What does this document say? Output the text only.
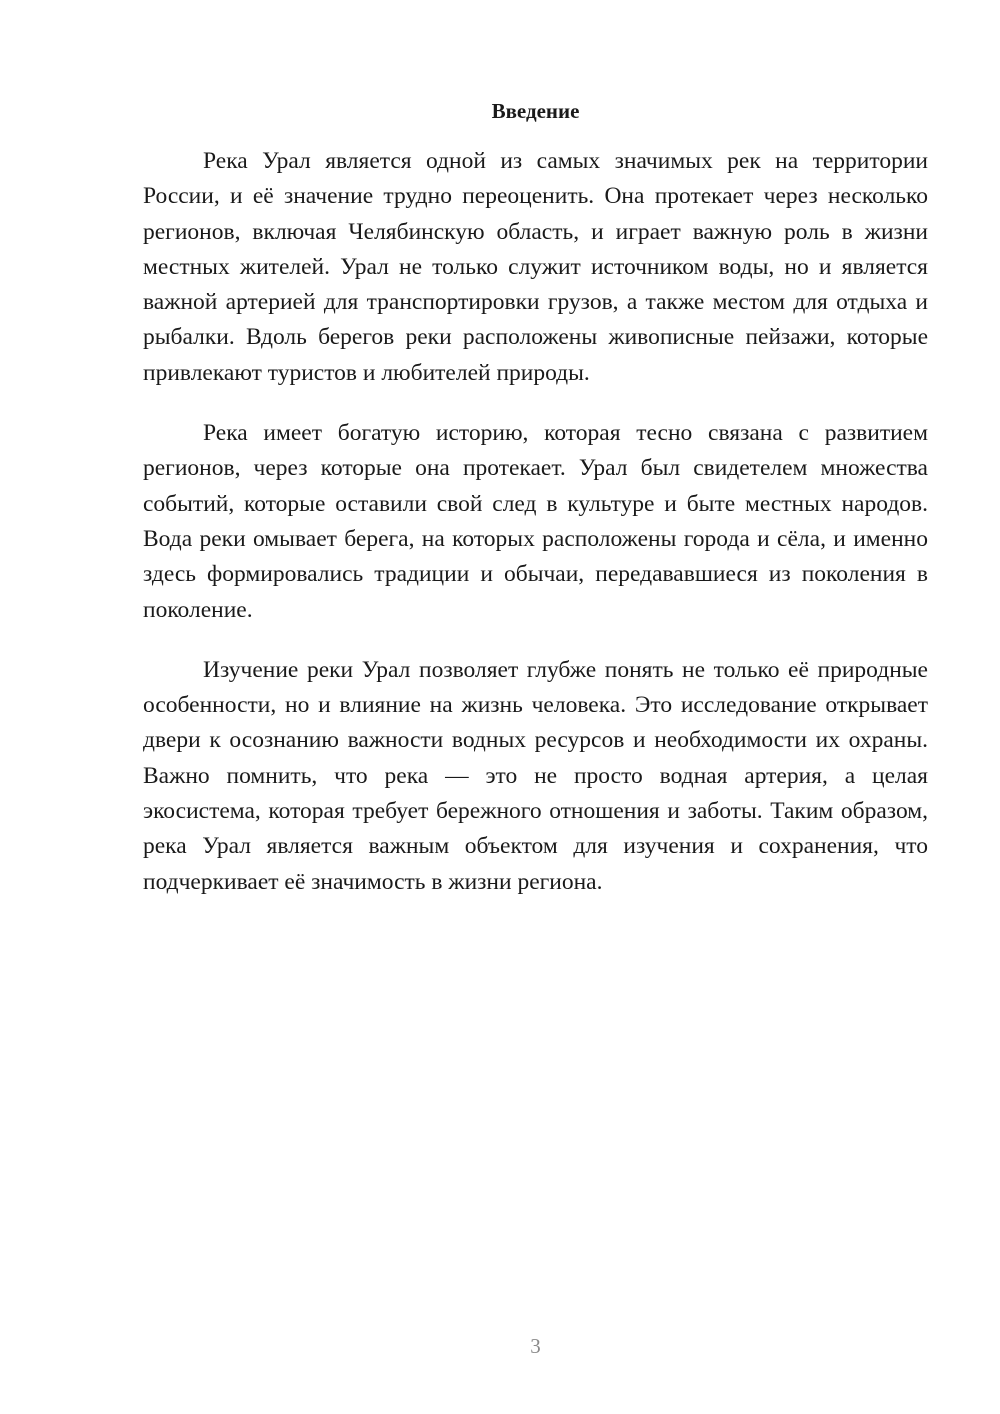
Введение

Река Урал является одной из самых значимых рек на территории России, и её значение трудно переоценить. Она протекает через несколько регионов, включая Челябинскую область, и играет важную роль в жизни местных жителей. Урал не только служит источником воды, но и является важной артерией для транспортировки грузов, а также местом для отдыха и рыбалки. Вдоль берегов реки расположены живописные пейзажи, которые привлекают туристов и любителей природы.

Река имеет богатую историю, которая тесно связана с развитием регионов, через которые она протекает. Урал был свидетелем множества событий, которые оставили свой след в культуре и быте местных народов. Вода реки омывает берега, на которых расположены города и сёла, и именно здесь формировались традиции и обычаи, передававшиеся из поколения в поколение.

Изучение реки Урал позволяет глубже понять не только её природные особенности, но и влияние на жизнь человека. Это исследование открывает двери к осознанию важности водных ресурсов и необходимости их охраны. Важно помнить, что река — это не просто водная артерия, а целая экосистема, которая требует бережного отношения и заботы. Таким образом, река Урал является важным объектом для изучения и сохранения, что подчеркивает её значимость в жизни региона.

3
